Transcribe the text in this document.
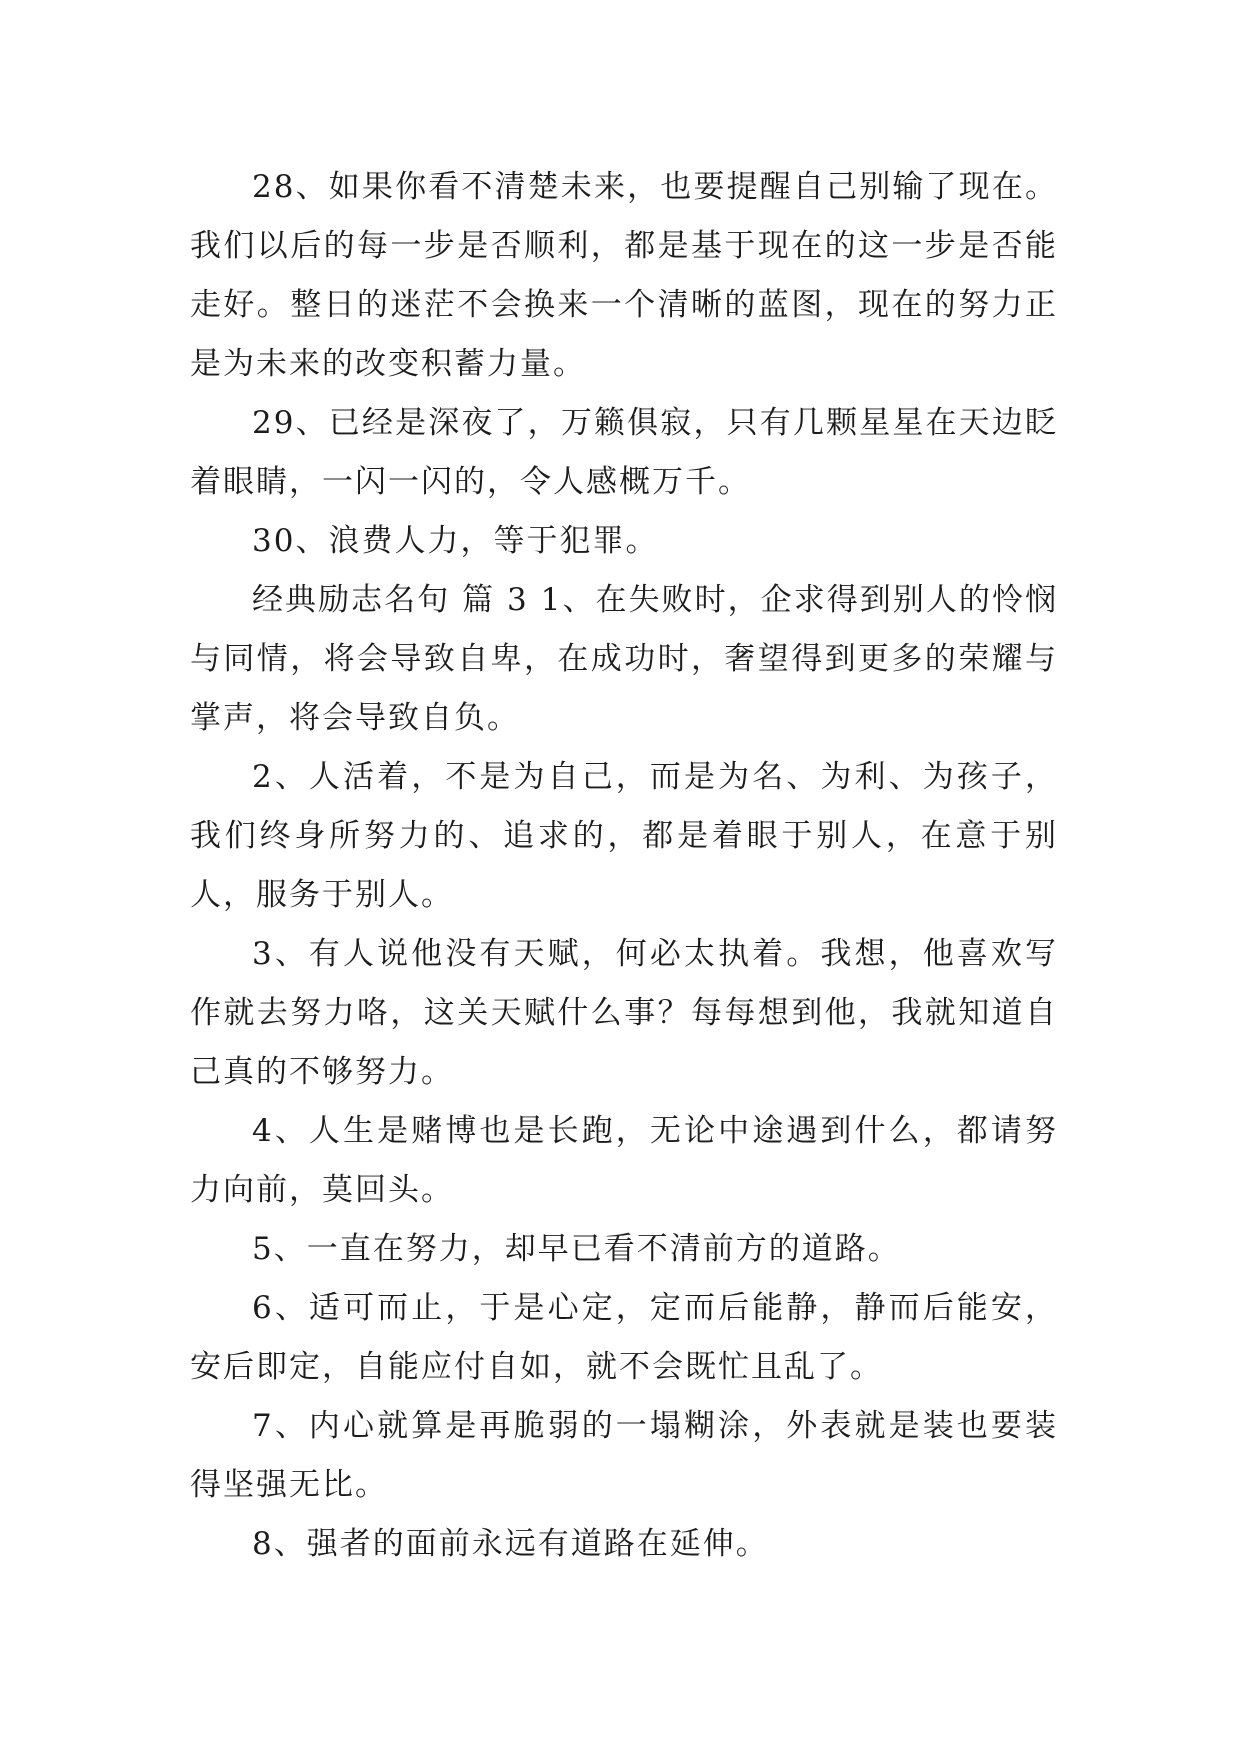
28、如果你看不清楚未来，也要提醒自己别输了现在。我们以后的每一步是否顺利，都是基于现在的这一步是否能走好。整日的迷茫不会换来一个清晰的蓝图，现在的努力正是为未来的改变积蓄力量。

29、已经是深夜了，万籁俱寂，只有几颗星星在天边眨着眼睛，一闪一闪的，令人感概万千。

30、浪费人力，等于犯罪。

经典励志名句 篇 3 1、在失败时，企求得到别人的怜悯与同情，将会导致自卑，在成功时，奢望得到更多的荣耀与掌声，将会导致自负。

2、人活着，不是为自己，而是为名、为利、为孩子，我们终身所努力的、追求的，都是着眼于别人，在意于别人，服务于别人。

3、有人说他没有天赋，何必太执着。我想，他喜欢写作就去努力咯，这关天赋什么事？每每想到他，我就知道自己真的不够努力。

4、人生是赌博也是长跑，无论中途遇到什么，都请努力向前，莫回头。

5、一直在努力，却早已看不清前方的道路。

6、适可而止，于是心定，定而后能静，静而后能安，安后即定，自能应付自如，就不会既忙且乱了。

7、内心就算是再脆弱的一塌糊涂，外表就是装也要装得坚强无比。

8、强者的面前永远有道路在延伸。
